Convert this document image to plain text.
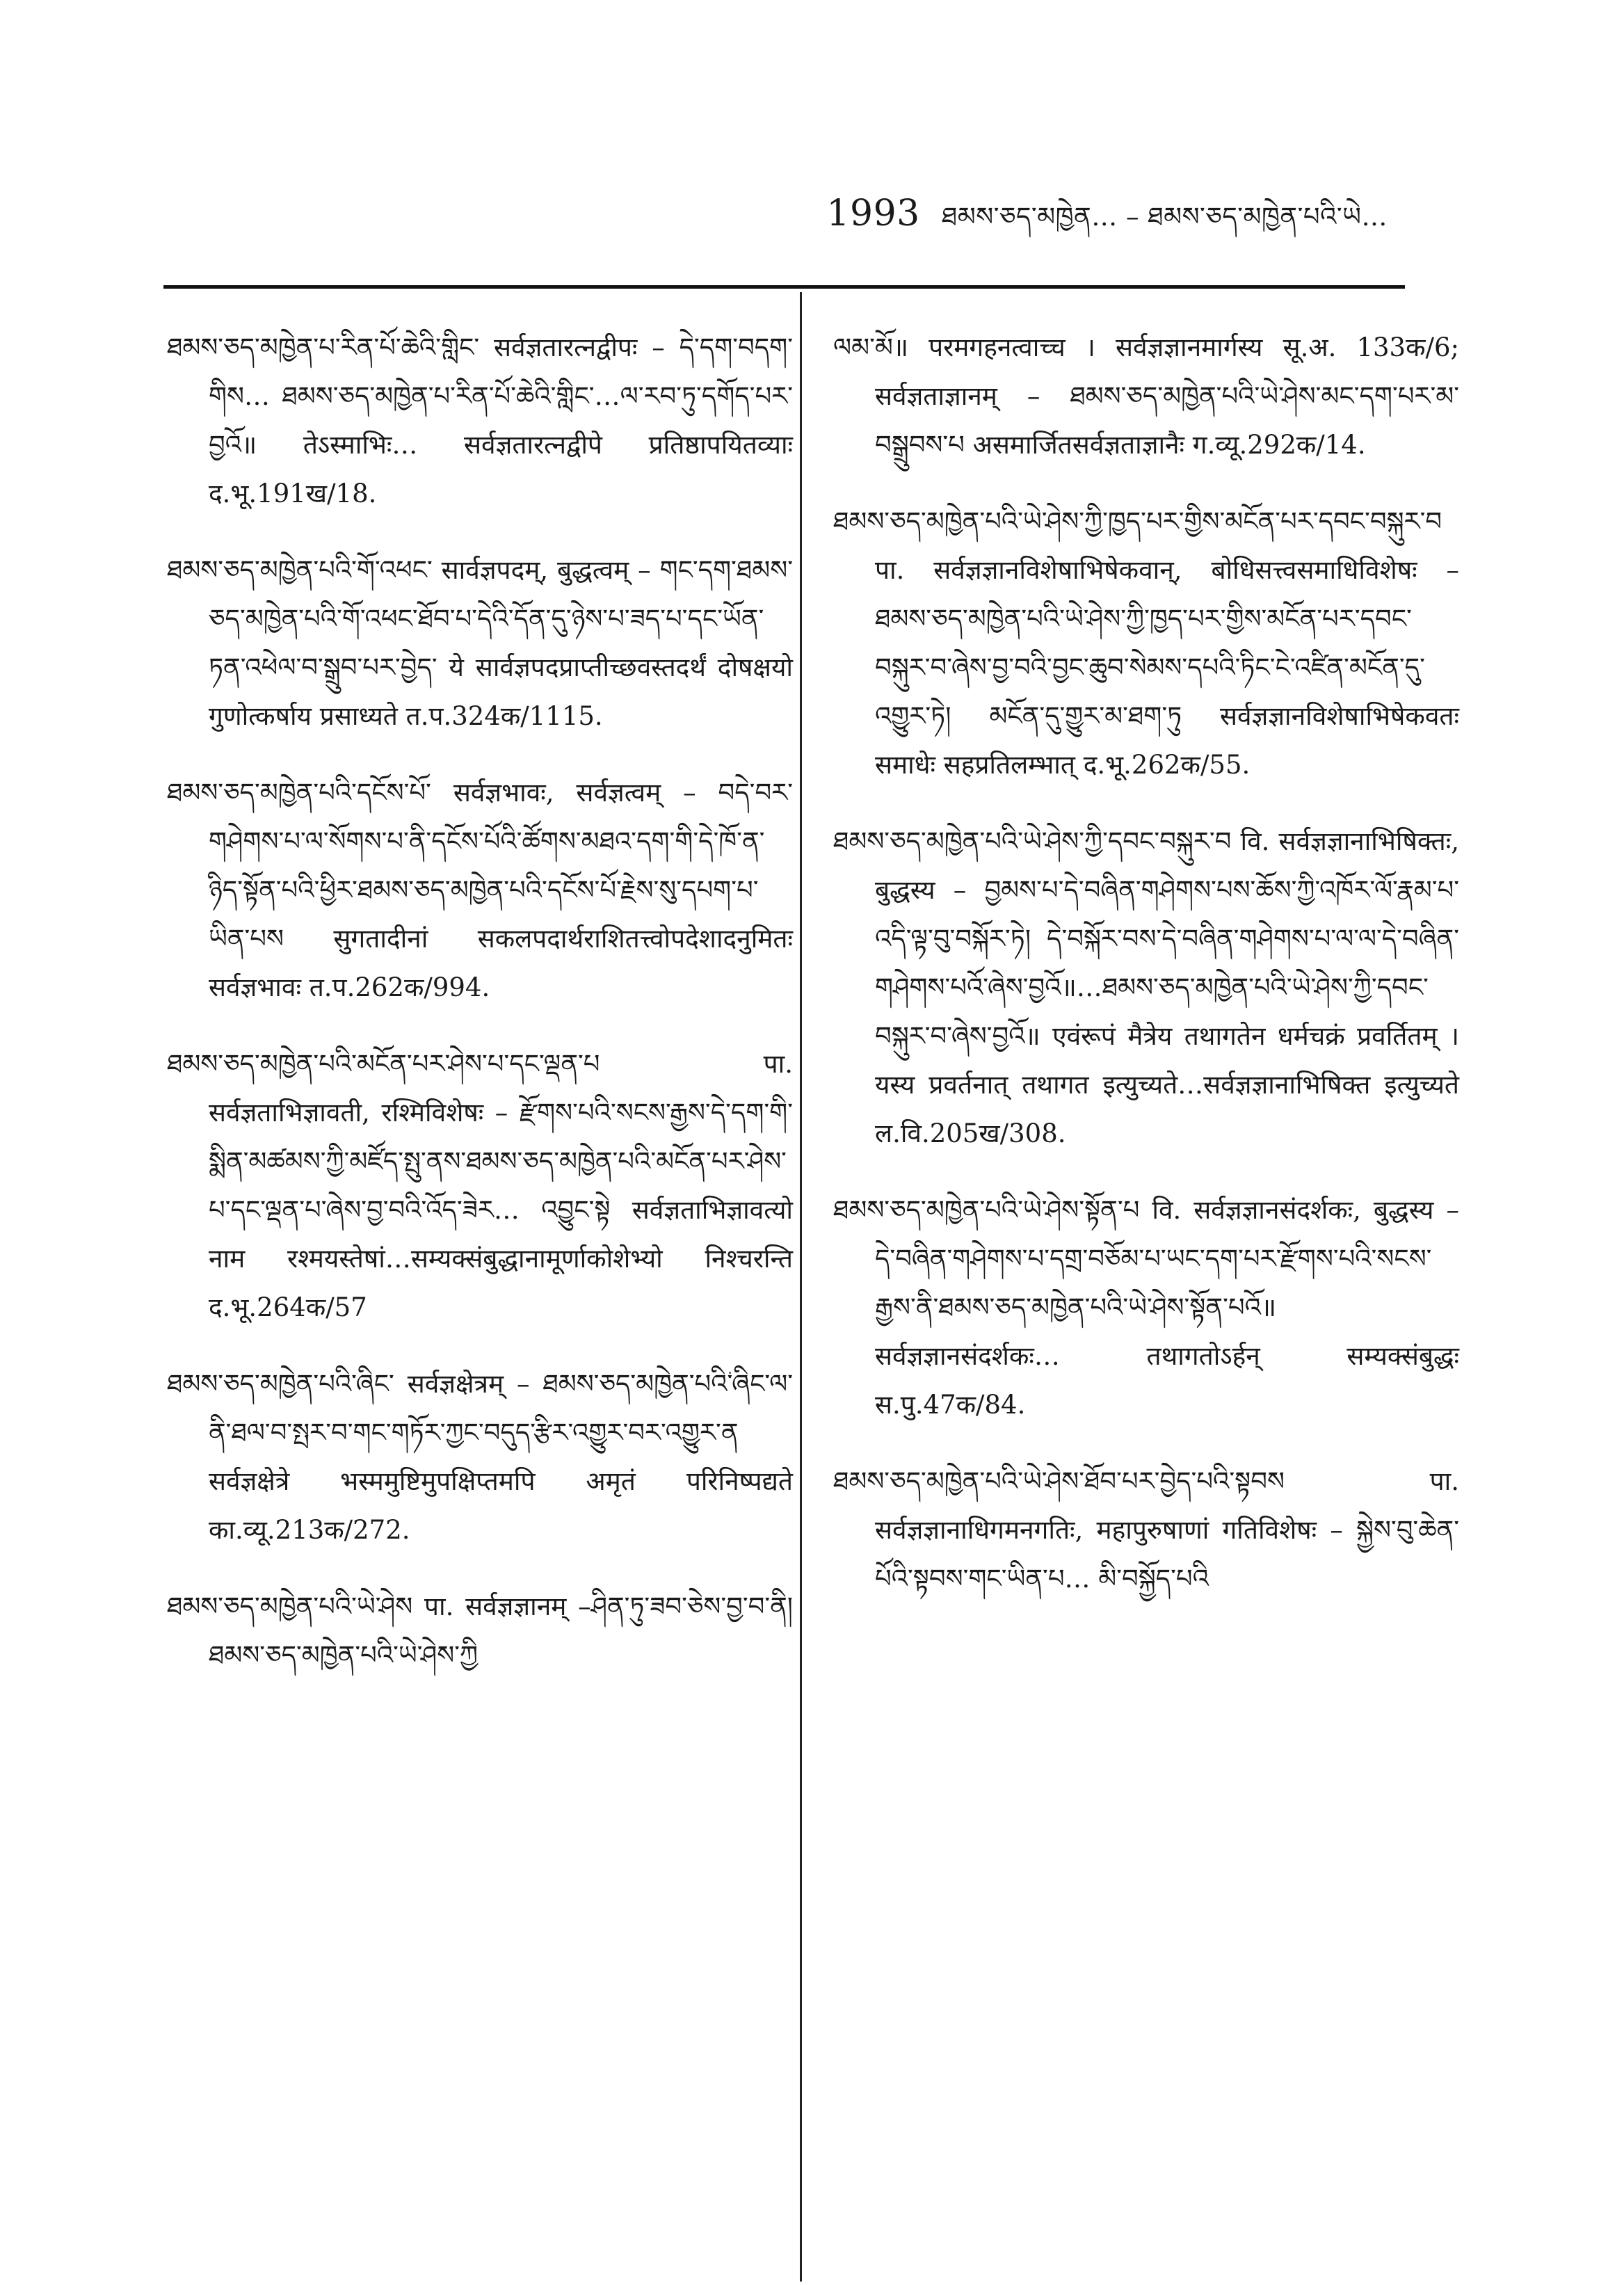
1993 ཐམས་ཅད་མཁྱེན… – ཐམས་ཅད་མཁྱེན་པའི་ཡེ…

ཐམས་ཅད་མཁྱེན་པ་རིན་པོ་ཆེའི་གླིང་ सर्वज्ञतारत्नद्वीपः – དེ་དག་བདག་གིས… ཐམས་ཅད་མཁྱེན་པ་རིན་པོ་ཆེའི་གླིང་…ལ་རབ་ཏུ་དགོད་པར་བྱའོ॥ तेऽस्माभिः… सर्वज्ञतारत्नद्वीपे प्रतिष्ठापयितव्याः द.भू.191ख/18.

ཐམས་ཅད་མཁྱེན་པའི་གོ་འཕང་ सार्वज्ञपदम्, बुद्धत्वम् – གང་དག་ཐམས་ཅད་མཁྱེན་པའི་གོ་འཕང་ཐོབ་པ་དེའི་དོན་དུ་ཉེས་པ་ཟད་པ་དང་ཡོན་ཏན་འཕེལ་བ་སྒྲུབ་པར་བྱེད་ ये सार्वज्ञपदप्राप्तीच्छवस्तदर्थं दोषक्षयो गुणोत्कर्षाय प्रसाध्यते त.प.324क/1115.

ཐམས་ཅད་མཁྱེན་པའི་དངོས་པོ་ सर्वज्ञभावः, सर्वज्ञत्वम् – བདེ་བར་གཤེགས་པ་ལ་སོགས་པ་ནི་དངོས་པོའི་ཚོགས་མཐའ་དག་གི་དེ་ཁོ་ན་ཉིད་སྟོན་པའི་ཕྱིར་ཐམས་ཅད་མཁྱེན་པའི་དངོས་པོ་རྗེས་སུ་དཔག་པ་ཡིན་པས सुगतादीनां सकलपदार्थराशितत्त्वोपदेशादनुमितः सर्वज्ञभावः त.प.262क/994.

ཐམས་ཅད་མཁྱེན་པའི་མངོན་པར་ཤེས་པ་དང་ལྡན་པ पा. सर्वज्ञताभिज्ञावती, रश्मिविशेषः – རྫོགས་པའི་སངས་རྒྱས་དེ་དག་གི་སྨིན་མཚམས་ཀྱི་མཛོད་སྤུ་ནས་ཐམས་ཅད་མཁྱེན་པའི་མངོན་པར་ཤེས་པ་དང་ལྡན་པ་ཞེས་བྱ་བའི་འོད་ཟེར… འབྱུང་སྟེ सर्वज्ञताभिज्ञावत्यो नाम रश्मयस्तेषां…सम्यक्संबुद्धानामूर्णाकोशेभ्यो निश्चरन्ति द.भू.264क/57

ཐམས་ཅད་མཁྱེན་པའི་ཞིང་ सर्वज्ञक्षेत्रम् – ཐམས་ཅད་མཁྱེན་པའི་ཞིང་ལ་ནི་ཐལ་བ་སྤར་བ་གང་གཏོར་ཀྱང་བདུད་རྩིར་འགྱུར་བར་འགྱུར་ན सर्वज्ञक्षेत्रे भस्ममुष्टिमुपक्षिप्तमपि अमृतं परिनिष्पद्यते का.व्यू.213क/272.

ཐམས་ཅད་མཁྱེན་པའི་ཡེ་ཤེས पा. सर्वज्ञज्ञानम् –ཤིན་ཏུ་ཟབ་ཅེས་བྱ་བ་ནི། ཐམས་ཅད་མཁྱེན་པའི་ཡེ་ཤེས་ཀྱི

ལམ་མོ॥ परमगहनत्वाच्च । सर्वज्ञज्ञानमार्गस्य सू.अ. 133क/6; सर्वज्ञताज्ञानम् – ཐམས་ཅད་མཁྱེན་པའི་ཡེ་ཤེས་མང་དག་པར་མ་བསྒྲུབས་པ असमार्जितसर्वज्ञताज्ञानैः ग.व्यू.292क/14.

ཐམས་ཅད་མཁྱེན་པའི་ཡེ་ཤེས་ཀྱི་ཁྱད་པར་གྱིས་མངོན་པར་དབང་བསྐུར་བ पा. सर्वज्ञज्ञानविशेषाभिषेकवान्, बोधिसत्त्वसमाधिविशेषः – ཐམས་ཅད་མཁྱེན་པའི་ཡེ་ཤེས་ཀྱི་ཁྱད་པར་གྱིས་མངོན་པར་དབང་བསྐུར་བ་ཞེས་བྱ་བའི་བྱང་ཆུབ་སེམས་དཔའི་ཏིང་ངེ་འཛིན་མངོན་དུ་འགྱུར་ཏེ། མངོན་དུ་གྱུར་མ་ཐག་ཏུ सर्वज्ञज्ञानविशेषाभिषेकवतः समाधेः सहप्रतिलम्भात् द.भू.262क/55.

ཐམས་ཅད་མཁྱེན་པའི་ཡེ་ཤེས་ཀྱི་དབང་བསྐུར་བ वि. सर्वज्ञज्ञानाभिषिक्तः, बुद्धस्य – བྱམས་པ་དེ་བཞིན་གཤེགས་པས་ཆོས་ཀྱི་འཁོར་ལོ་རྣམ་པ་འདི་ལྟ་བུ་བསྐོར་ཏེ། དེ་བསྐོར་བས་དེ་བཞིན་གཤེགས་པ་ལ་ལ་དེ་བཞིན་གཤེགས་པའོ་ཞེས་བྱའོ॥…ཐམས་ཅད་མཁྱེན་པའི་ཡེ་ཤེས་ཀྱི་དབང་བསྐུར་བ་ཞེས་བྱའོ॥ एवंरूपं मैत्रेय तथागतेन धर्मचक्रं प्रवर्तितम् । यस्य प्रवर्तनात् तथागत इत्युच्यते…सर्वज्ञज्ञानाभिषिक्त इत्युच्यते ल.वि.205ख/308.

ཐམས་ཅད་མཁྱེན་པའི་ཡེ་ཤེས་སྟོན་པ वि. सर्वज्ञज्ञानसंदर्शकः, बुद्धस्य – དེ་བཞིན་གཤེགས་པ་དགྲ་བཅོམ་པ་ཡང་དག་པར་རྫོགས་པའི་སངས་རྒྱས་ནི་ཐམས་ཅད་མཁྱེན་པའི་ཡེ་ཤེས་སྟོན་པའོ॥ सर्वज्ञज्ञानसंदर्शकः… तथागतोऽर्हन् सम्यक्संबुद्धः स.पु.47क/84.

ཐམས་ཅད་མཁྱེན་པའི་ཡེ་ཤེས་ཐོབ་པར་བྱེད་པའི་སྟབས पा. सर्वज्ञज्ञानाधिगमनगतिः, महापुरुषाणां गतिविशेषः – སྐྱེས་བུ་ཆེན་པོའི་སྟབས་གང་ཡིན་པ… མི་བསྐྱོད་པའི
